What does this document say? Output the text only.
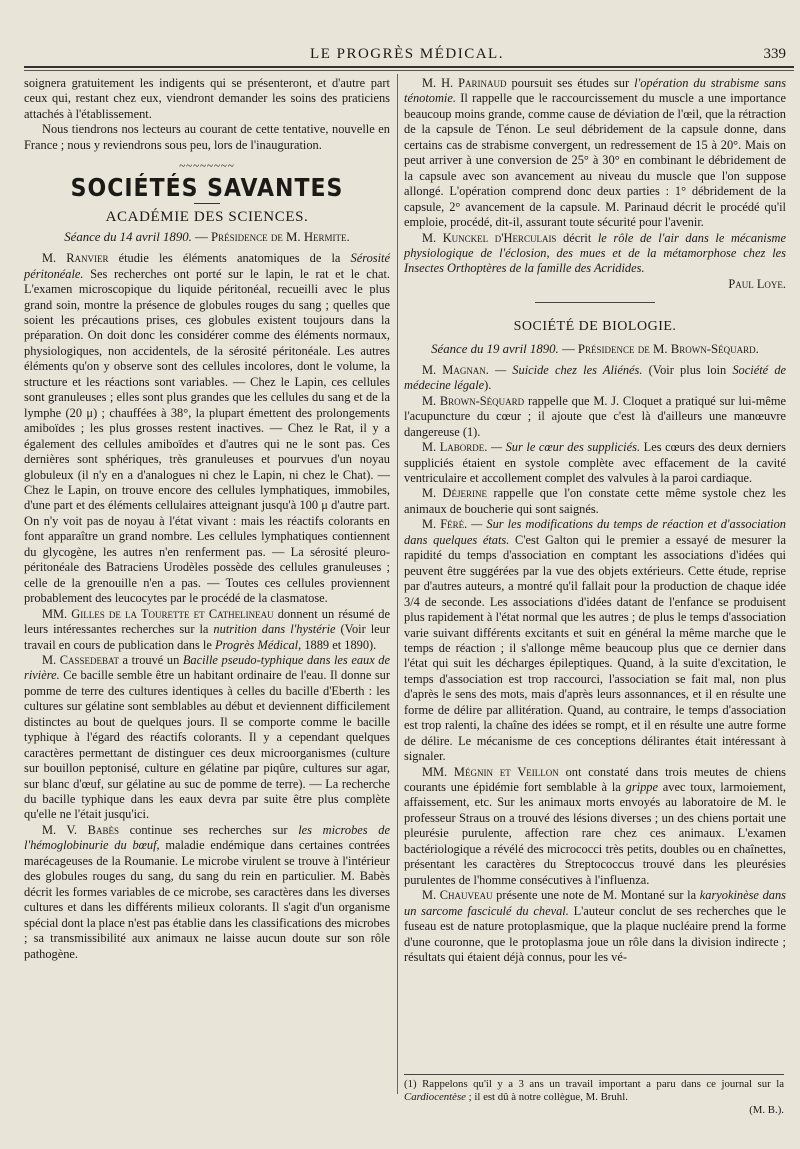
LE PROGRÈS MÉDICAL.	339

soignera gratuitement les indigents qui se présenteront, et d'autre part ceux qui, restant chez eux, viendront demander les soins des praticiens attachés à l'établissement.

Nous tiendrons nos lecteurs au courant de cette tentative, nouvelle en France ; nous y reviendrons sous peu, lors de l'inauguration.

~~~~~~~~
SOCIÉTÉS SAVANTES
ACADÉMIE DES SCIENCES.
Séance du 14 avril 1890. — Présidence de M. Hermite.

M. Ranvier étudie les éléments anatomiques de la Sérosité péritonéale. Ses recherches ont porté sur le lapin, le rat et le chat. L'examen microscopique du liquide péritonéal, recueilli avec le plus grand soin, montre la présence de globules rouges du sang ; quelles que soient les précautions prises, ces globules existent toujours dans la préparation. On doit donc les considérer comme des éléments normaux, physiologiques, non accidentels, de la sérosité péritonéale. Les autres éléments qu'on y observe sont des cellules incolores, dont le volume, la structure et les réactions sont variables. — Chez le Lapin, ces cellules sont granuleuses ; elles sont plus grandes que les cellules du sang et de la lymphe (20 μ) ; chauffées à 38°, la plupart émettent des prolongements amiboïdes ; les plus grosses restent inactives. — Chez le Rat, il y a également des cellules amiboïdes et d'autres qui ne le sont pas. Ces dernières sont sphériques, très granuleuses et pourvues d'un noyau globuleux (il n'y en a d'analogues ni chez le Lapin, ni chez le Chat). — Chez le Lapin, on trouve encore des cellules lymphatiques, immobiles, d'une part et des éléments cellulaires atteignant jusqu'à 100 μ d'autre part. On n'y voit pas de noyau à l'état vivant : mais les réactifs colorants en font apparaître un grand nombre. Les cellules lymphatiques contiennent du glycogène, les autres n'en renferment pas. — La sérosité pleuro-péritonéale des Batraciens Urodèles possède des cellules granuleuses ; celle de la grenouille n'en a pas. — Toutes ces cellules proviennent probablement des leucocytes par le procédé de la clasmatose.

MM. Gilles de la Tourette et Cathelineau donnent un résumé de leurs intéressantes recherches sur la nutrition dans l'hystérie (Voir leur travail en cours de publication dans le Progrès Médical, 1889 et 1890).

M. Cassedebat a trouvé un Bacille pseudo-typhique dans les eaux de rivière. Ce bacille semble être un habitant ordinaire de l'eau. Il donne sur pomme de terre des cultures identiques à celles du bacille d'Eberth : les cultures sur gélatine sont semblables au début et deviennent difficilement distinctes au bout de quelques jours. Il se comporte comme le bacille typhique à l'égard des réactifs colorants. Il y a cependant quelques caractères permettant de distinguer ces deux microorganismes (culture sur bouillon peptonisé, culture en gélatine par piqûre, cultures sur agar, sur blanc d'œuf, sur gélatine au suc de pomme de terre). — La recherche du bacille typhique dans les eaux devra par suite être plus complète qu'elle ne l'était jusqu'ici.

M. V. Babès continue ses recherches sur les microbes de l'hémoglobinurie du bœuf, maladie endémique dans certaines contrées marécageuses de la Roumanie. Le microbe virulent se trouve à l'intérieur des globules rouges du sang, du sang du rein en particulier. M. Babès décrit les formes variables de ce microbe, ses caractères dans les diverses cultures et dans les différents milieux colorants. Il s'agit d'un organisme spécial dont la place n'est pas établie dans les classifications des microbes ; sa transmissibilité aux animaux ne laisse aucun doute sur son rôle pathogène.

M. H. Parinaud poursuit ses études sur l'opération du strabisme sans ténotomie. Il rappelle que le raccourcissement du muscle a une importance beaucoup moins grande, comme cause de déviation de l'œil, que la rétraction de la capsule de Ténon. Le seul débridement de la capsule donne, dans certains cas de strabisme convergent, un redressement de 15 à 20°. Mais on peut arriver à une conversion de 25° à 30° en combinant le débridement de la capsule avec son avancement au niveau du muscle que l'on suppose allongé. L'opération comprend donc deux parties : 1° débridement de la capsule, 2° avancement de la capsule. M. Parinaud décrit le procédé qu'il emploie, procédé, dit-il, assurant toute sécurité pour l'avenir.

M. Kunckel d'Herculais décrit le rôle de l'air dans le mécanisme physiologique de l'éclosion, des mues et de la métamorphose chez les Insectes Orthoptères de la famille des Acridides.
Paul Loye.

SOCIÉTÉ DE BIOLOGIE.
Séance du 19 avril 1890. — Présidence de M. Brown-Séquard.

M. Magnan. — Suicide chez les Aliénés. (Voir plus loin Société de médecine légale).

M. Brown-Séquard rappelle que M. J. Cloquet a pratiqué sur lui-même l'acupuncture du cœur ; il ajoute que c'est là d'ailleurs une manœuvre dangereuse (1).

M. Laborde. — Sur le cœur des suppliciés. Les cœurs des deux derniers suppliciés étaient en systole complète avec effacement de la cavité ventriculaire et accollement complet des valvules à la paroi cardiaque.

M. Déjerine rappelle que l'on constate cette même systole chez les animaux de boucherie qui sont saignés.

M. Féré. — Sur les modifications du temps de réaction et d'association dans quelques états. C'est Galton qui le premier a essayé de mesurer la rapidité du temps d'association en comptant les associations d'idées qui peuvent être suggérées par la vue des objets extérieurs. Cette étude, reprise par d'autres auteurs, a montré qu'il fallait pour la production de chaque idée 3/4 de seconde. Les associations d'idées datant de l'enfance se produisent plus rapidement à l'état normal que les autres ; de plus le temps d'association varie suivant différents excitants et suit en général la même marche que le temps de réaction ; il s'allonge même beaucoup plus que ce dernier dans l'état qui suit les décharges épileptiques. Quand, à la suite d'excitation, le temps d'association est trop raccourci, l'association se fait mal, non plus d'après le sens des mots, mais d'après leurs assonnances, et il en résulte une forme de délire par allitération. Quand, au contraire, le temps d'association est trop ralenti, la chaîne des idées se rompt, et il en résulte une autre forme de délire. Le mécanisme de ces conceptions délirantes était intéressant à signaler.

MM. Mégnin et Veillon ont constaté dans trois meutes de chiens courants une épidémie fort semblable à la grippe avec toux, larmoiement, affaissement, etc. Sur les animaux morts envoyés au laboratoire de M. le professeur Straus on a trouvé des lésions diverses ; un des chiens portait une pleurésie purulente, affection rare chez ces animaux. L'examen bactériologique a révélé des micrococci très petits, doubles ou en chaînettes, présentant les caractères du Streptococcus trouvé dans les pleurésies purulentes de l'homme consécutives à l'influenza.

M. Chauveau présente une note de M. Montané sur la karyokinèse dans un sarcome fasciculé du cheval. L'auteur conclut de ses recherches que le fuseau est de nature protoplasmique, que la plaque nucléaire prend la forme d'une couronne, que le protoplasma joue un rôle dans la division indirecte ; résultats qui étaient déjà connus, pour les vé-

(1) Rappelons qu'il y a 3 ans un travail important a paru dans ce journal sur la Cardiocentèse ; il est dû à notre collègue, M. Bruhl.
(M. B.).
